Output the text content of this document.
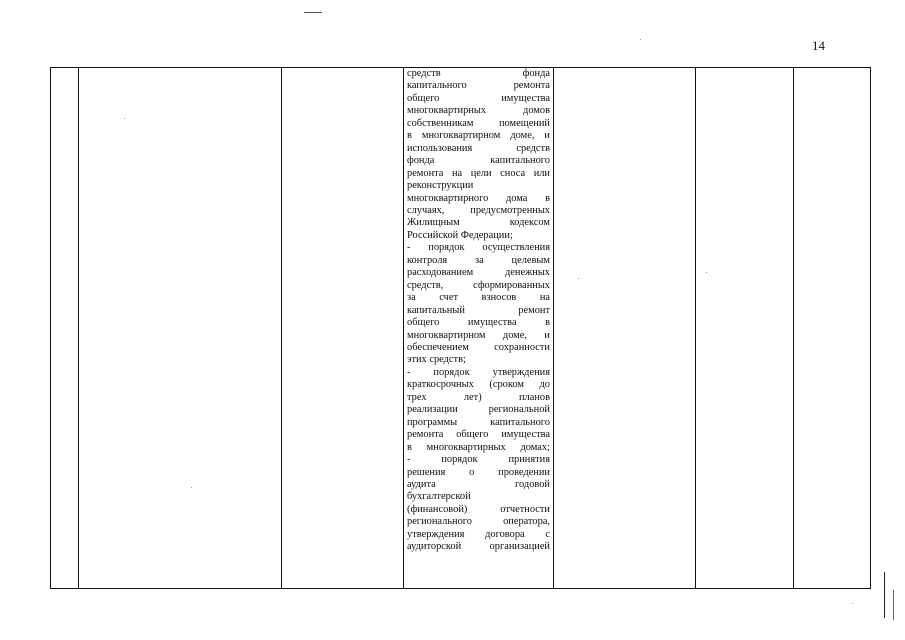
14

средств фонда
капитального ремонта
общего имущества
многоквартирных домов
собственникам помещений
в многоквартирном доме, и
использования средств
фонда капитального
ремонта на цели сноса или
реконструкции
многоквартирного дома в
случаях, предусмотренных
Жилищным кодексом
Российской Федерации;
- порядок осуществления
контроля за целевым
расходованием денежных
средств, сформированных
за счет взносов на
капитальный ремонт
общего имущества в
многоквартирном доме, и
обеспечением сохранности
этих средств;
- порядок утверждения
краткосрочных (сроком до
трех лет) планов
реализации региональной
программы капитального
ремонта общего имущества
в многоквартирных домах;
- порядок принятия
решения о проведении
аудита годовой
бухгалтерской
(финансовой) отчетности
регионального оператора,
утверждения договора с
аудиторской организацией
